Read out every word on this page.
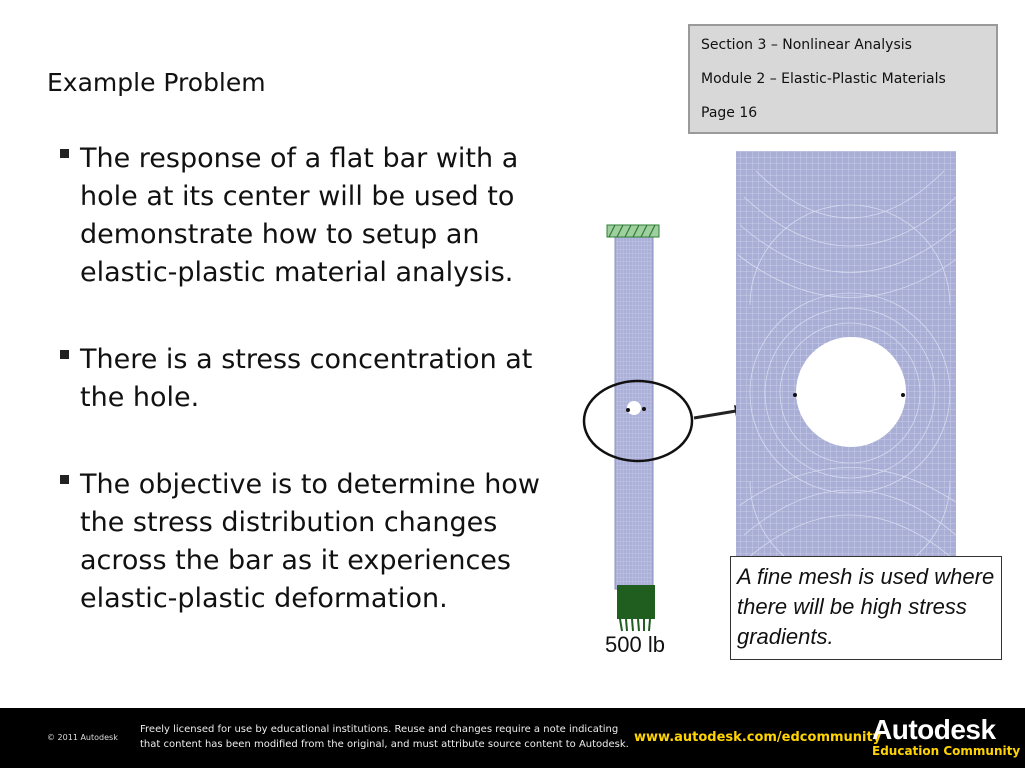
Section 3 – Nonlinear Analysis
Module 2 – Elastic-Plastic Materials
Page 16
Example Problem
The response of a flat bar with a hole at its center will be used to demonstrate how to setup an elastic-plastic material analysis.
There is a stress concentration at the hole.
The objective is to determine how the stress distribution changes across the bar as it experiences elastic-plastic deformation.
500 lb
A fine mesh is used where there will be high stress gradients.
© 2011 Autodesk
Freely licensed for use by educational institutions. Reuse and changes require a note indicating that content has been modified from the original, and must attribute source content to Autodesk. www.autodesk.com/edcommunity
Autodesk
Education Community
